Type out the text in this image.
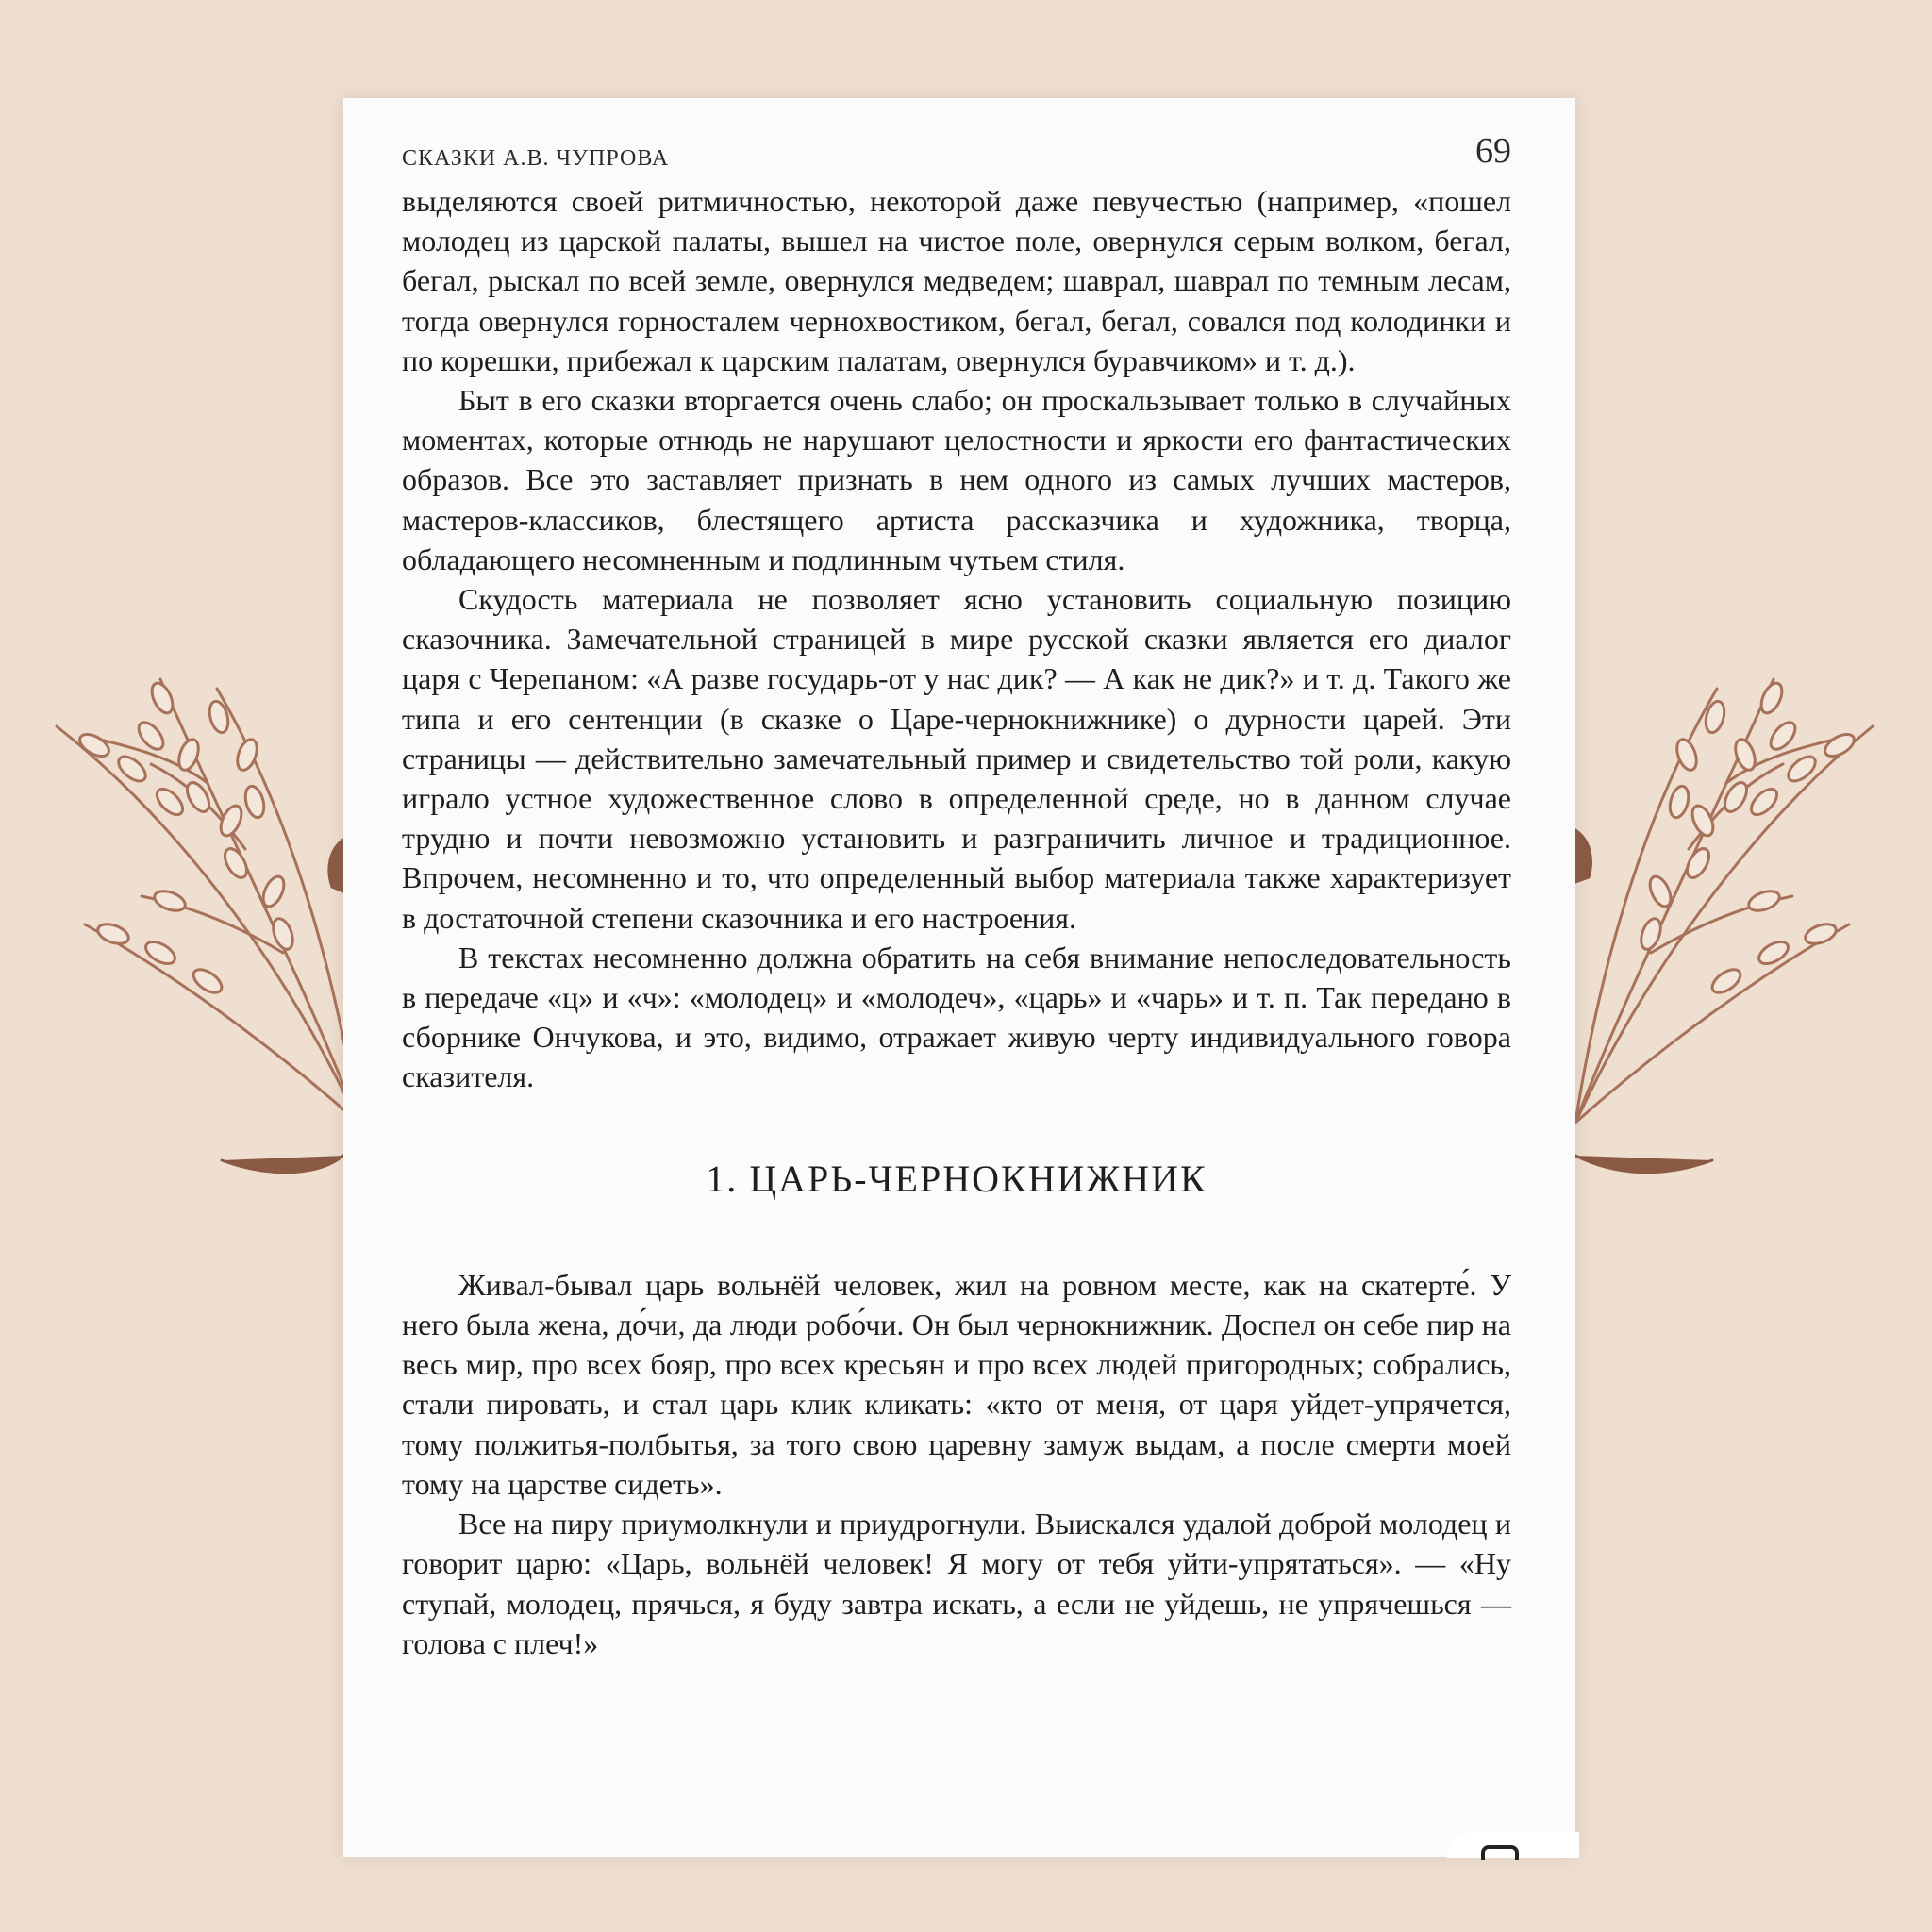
СКАЗКИ А.В. ЧУПРОВА	69

выделяются своей ритмичностью, некоторой даже певучестью (например, «пошел молодец из царской палаты, вышел на чистое поле, овернулся серым волком, бегал, бегал, рыскал по всей земле, овернулся медведем; шаврал, шаврал по темным лесам, тогда овернулся горносталем чернохвостиком, бегал, бегал, совался под колодинки и по корешки, прибежал к царским палатам, овернулся буравчиком» и т. д.).

Быт в его сказки вторгается очень слабо; он проскальзывает только в случайных моментах, которые отнюдь не нарушают целостности и яркости его фантастических образов. Все это заставляет признать в нем одного из самых лучших мастеров, мастеров-классиков, блестящего артиста рассказчика и художника, творца, обладающего несомненным и подлинным чутьем стиля.

Скудость материала не позволяет ясно установить социальную позицию сказочника. Замечательной страницей в мире русской сказки является его диалог царя с Черепаном: «А разве государь-от у нас дик? — А как не дик?» и т. д. Такого же типа и его сентенции (в сказке о Царе-чернокнижнике) о дурности царей. Эти страницы — действительно замечательный пример и свидетельство той роли, какую играло устное художественное слово в определенной среде, но в данном случае трудно и почти невозможно установить и разграничить личное и традиционное. Впрочем, несомненно и то, что определенный выбор материала также характеризует в достаточной степени сказочника и его настроения.

В текстах несомненно должна обратить на себя внимание непоследовательность в передаче «ц» и «ч»: «молодец» и «молодеч», «царь» и «чарь» и т. п. Так передано в сборнике Ончукова, и это, видимо, отражает живую черту индивидуального говора сказителя.

1. ЦАРЬ-ЧЕРНОКНИЖНИК

Живал-бывал царь вольнёй человек, жил на ровном месте, как на скатерте́. У него была жена, до́чи, да люди робо́чи. Он был чернокнижник. Доспел он себе пир на весь мир, про всех бояр, про всех кресьян и про всех людей пригородных; собрались, стали пировать, и стал царь клик кликать: «кто от меня, от царя уйдет-упрячется, тому полжитья-полбытья, за того свою царевну замуж выдам, а после смерти моей тому на царстве сидеть».

Все на пиру приумолкнули и приудрогнули. Выискался удалой доброй молодец и говорит царю: «Царь, вольнёй человек! Я могу от тебя уйти-упрятаться». — «Ну ступай, молодец, прячься, я буду завтра искать, а если не уйдешь, не упрячешься — голова с плеч!»
